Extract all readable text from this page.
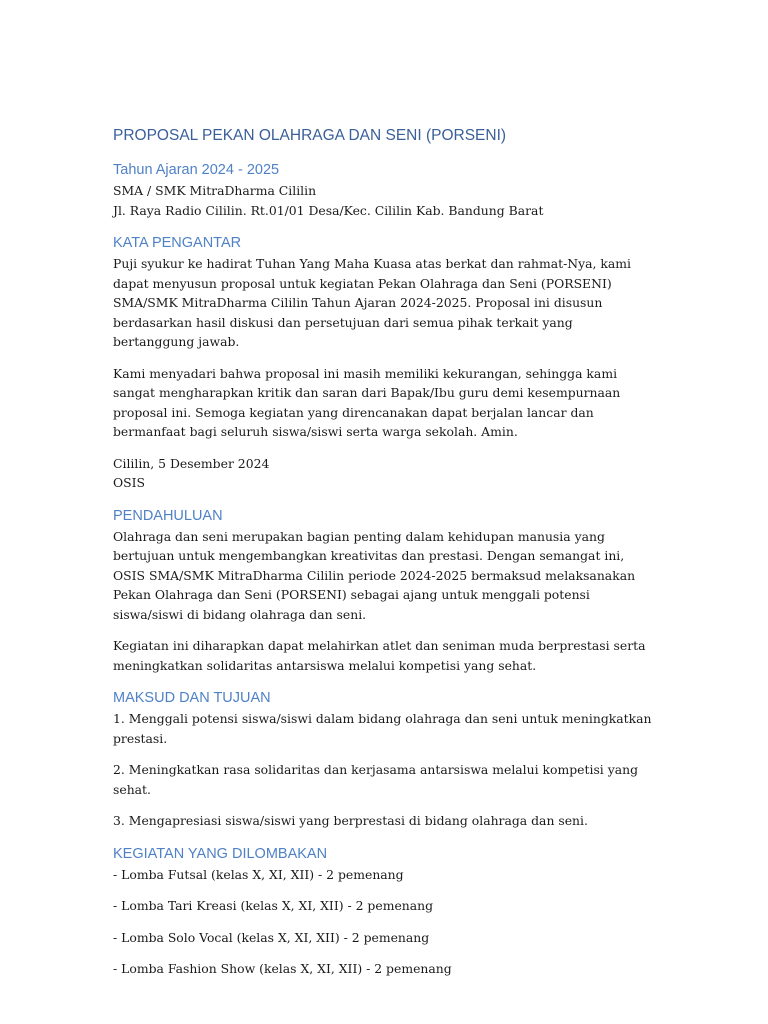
PROPOSAL PEKAN OLAHRAGA DAN SENI (PORSENI)
Tahun Ajaran 2024 - 2025

SMA / SMK MitraDharma Cililin

Jl. Raya Radio Cililin. Rt.01/01 Desa/Kec. Cililin Kab. Bandung Barat

KATA PENGANTAR

Puji syukur ke hadirat Tuhan Yang Maha Kuasa atas berkat dan rahmat-Nya, kami dapat menyusun proposal untuk kegiatan Pekan Olahraga dan Seni (PORSENI) SMA/SMK MitraDharma Cililin Tahun Ajaran 2024-2025. Proposal ini disusun berdasarkan hasil diskusi dan persetujuan dari semua pihak terkait yang bertanggung jawab.

Kami menyadari bahwa proposal ini masih memiliki kekurangan, sehingga kami sangat mengharapkan kritik dan saran dari Bapak/Ibu guru demi kesempurnaan proposal ini. Semoga kegiatan yang direncanakan dapat berjalan lancar dan bermanfaat bagi seluruh siswa/siswi serta warga sekolah. Amin.

Cililin, 5 Desember 2024

OSIS

PENDAHULUAN

Olahraga dan seni merupakan bagian penting dalam kehidupan manusia yang bertujuan untuk mengembangkan kreativitas dan prestasi. Dengan semangat ini, OSIS SMA/SMK MitraDharma Cililin periode 2024-2025 bermaksud melaksanakan Pekan Olahraga dan Seni (PORSENI) sebagai ajang untuk menggali potensi siswa/siswi di bidang olahraga dan seni.

Kegiatan ini diharapkan dapat melahirkan atlet dan seniman muda berprestasi serta meningkatkan solidaritas antarsiswa melalui kompetisi yang sehat.

MAKSUD DAN TUJUAN

1. Menggali potensi siswa/siswi dalam bidang olahraga dan seni untuk meningkatkan prestasi.

2. Meningkatkan rasa solidaritas dan kerjasama antarsiswa melalui kompetisi yang sehat.

3. Mengapresiasi siswa/siswi yang berprestasi di bidang olahraga dan seni.

KEGIATAN YANG DILOMBAKAN

- Lomba Futsal (kelas X, XI, XII) - 2 pemenang

- Lomba Tari Kreasi (kelas X, XI, XII) - 2 pemenang

- Lomba Solo Vocal (kelas X, XI, XII) - 2 pemenang

- Lomba Fashion Show (kelas X, XI, XII) - 2 pemenang
